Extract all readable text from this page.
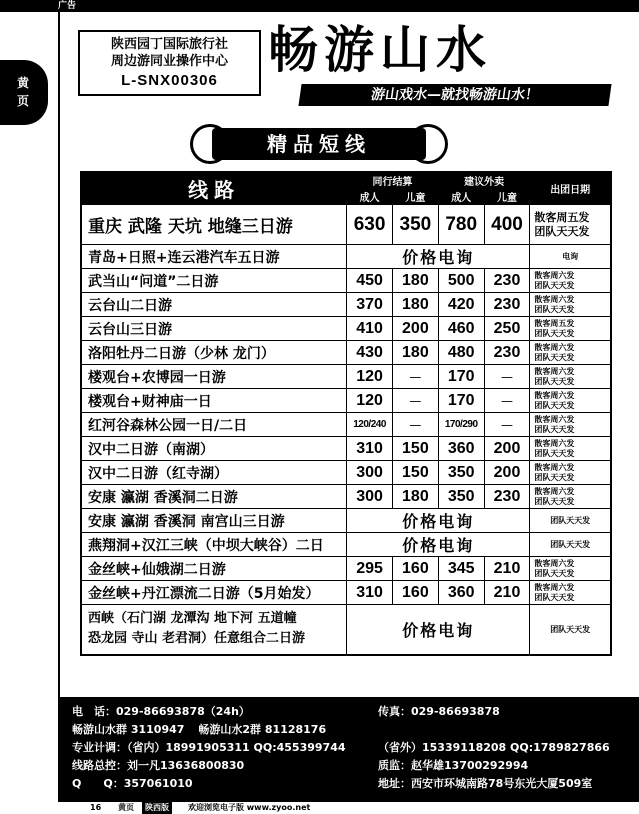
广告
黄页
陕西园丁国际旅行社
周边游同业操作中心
L-SNX00306
畅游山水
游山戏水—就找畅游山水！
精品短线
线路	同行结算		建议外卖		出团日期
	成人	儿童	成人	儿童	
重庆 武隆 天坑 地缝三日游	630	350	780	400	散客周五发
团队天天发
青岛+日照+连云港汽车五日游	价格电询				电询
武当山“问道”二日游	450	180	500	230	散客周六发
团队天天发
云台山二日游	370	180	420	230	散客周六发
团队天天发
云台山三日游	410	200	460	250	散客周五发
团队天天发
洛阳牡丹二日游（少林 龙门）	430	180	480	230	散客周六发
团队天天发
楼观台+农博园一日游	120	—	170	—	散客周六发
团队天天发
楼观台+财神庙一日	120	—	170	—	散客周六发
团队天天发
红河谷森林公园一日/二日	120/240	—	170/290	—	散客周六发
团队天天发
汉中二日游（南湖）	310	150	360	200	散客周六发
团队天天发
汉中二日游（红寺湖）	300	150	350	200	散客周六发
团队天天发
安康 瀛湖 香溪洞二日游	300	180	350	230	散客周六发
团队天天发
安康 瀛湖 香溪洞 南宫山三日游	价格电询				团队天天发
燕翔洞+汉江三峡（中坝大峡谷）二日	价格电询				团队天天发
金丝峡+仙娥湖二日游	295	160	345	210	散客周六发
团队天天发
金丝峡+丹江漂流二日游（5月始发）	310	160	360	210	散客周六发
团队天天发
西峡（石门湖 龙潭沟 地下河 五道幢
恐龙园 寺山 老君洞）任意组合二日游	价格电询				团队天天发
电　话：029-86693878（24h）	传真：029-86693878
畅游山水群 3110947 畅游山水2群 81128176
专业计调：（省内）18991905311 QQ:455399744	（省外）15339118208 QQ:1789827866
线路总控：刘一凡13636800830	质监：赵华雄13700292994
Q　　Q：357061010	地址：西安市环城南路78号东光大厦509室
16 黄页	陕西版	欢迎浏览电子版 www.zyoo.net
